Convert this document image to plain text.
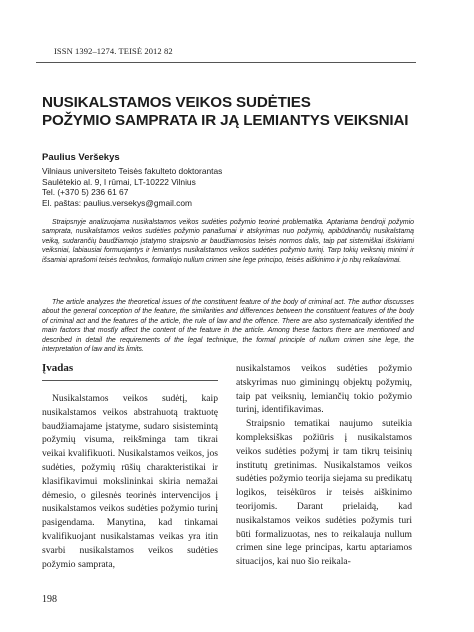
ISSN 1392–1274. TEISĖ 2012 82
NUSIKALSTAMOS VEIKOS SUDĖTIES
POŽYMIO SAMPRATA IR JĄ LEMIANTYS VEIKSNIAI
Paulius Veršekys
Vilniaus universiteto Teisės fakulteto doktorantas
Saulėtekio al. 9, I rūmai, LT-10222 Vilnius
Tel. (+370 5) 236 61 67
El. paštas: paulius.versekys@gmail.com

Straipsnyje analizuojama nusikalstamos veikos sudėties požymio teorinė problematika. Aptariama bendroji požymio samprata, nusikalstamos veikos sudėties požymio panašumai ir atskyrimas nuo požymių, apibūdinančių nusikalstamą veiką, sudarančių baudžiamojo įstatymo straipsnio ar baudžiamosios teisės normos dalis, taip pat sistemiškai išskiriami veiksniai, labiausiai formuojantys ir lemiantys nusikalstamos veikos sudėties požymio turinį. Tarp tokių veiksnių minimi ir išsamiai aprašomi teisės technikos, formaliojo nullum crimen sine lege principo, teisės aiškinimo ir jo ribų reikalavimai.

The article analyzes the theoretical issues of the constituent feature of the body of criminal act. The author discusses about the general conception of the feature, the similarities and differences between the constituent features of the body of criminal act and the features of the article, the rule of law and the offence. There are also systematically identified the main factors that mostly affect the content of the feature in the article. Among these factors there are mentioned and described in detail the requirements of the legal technique, the formal principle of nullum crimen sine lege, the interpretation of law and its limits.

Įvadas

Nusikalstamos veikos sudėtį, kaip nusikalstamos veikos abstrahuotą traktuotę baudžiamajame įstatyme, sudaro sisistemintą požymių visuma, reikšminga tam tikrai veikai kvalifikuoti. Nusikalstamos veikos, jos sudėties, požymių rūšių charakteristikai ir klasifikavimui mokslininkai skiria nemažai dėmesio, o gilesnės teorinės intervencijos į nusikalstamos veikos sudėties požymio turinį pasigendama. Manytina, kad tinkamai kvalifikuojant nusikalstamas veikas yra itin svarbi nusikalstamos veikos sudėties požymio samprata,

nusikalstamos veikos sudėties požymio atskyrimas nuo giminingų objektų požymių, taip pat veiksnių, lemiančių tokio požymio turinį, identifikavimas.

Straipsnio tematikai naujumo suteikia kompleksiškas požiūris į nusikalstamos veikos sudėties požymį ir tam tikrų teisinių institutų gretinimas. Nusikalstamos veikos sudėties požymio teorija siejama su predikatų logikos, teisėkūros ir teisės aiškinimo teorijomis. Darant prielaidą, kad nusikalstamos veikos sudėties požymis turi būti formalizuotas, nes to reikalauja nullum crimen sine lege principas, kartu aptariamos situacijos, kai nuo šio reikala-

198
